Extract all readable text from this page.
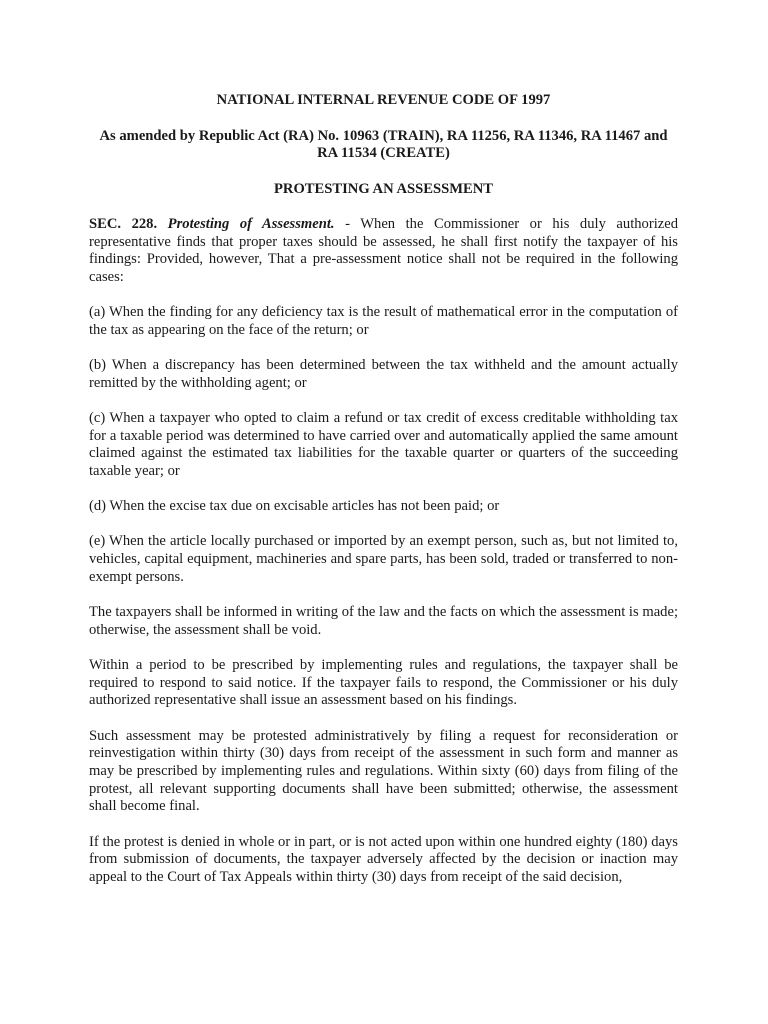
NATIONAL INTERNAL REVENUE CODE OF 1997

As amended by Republic Act (RA) No. 10963 (TRAIN), RA 11256, RA 11346, RA 11467 and RA 11534 (CREATE)

PROTESTING AN ASSESSMENT

SEC. 228. Protesting of Assessment. - When the Commissioner or his duly authorized representative finds that proper taxes should be assessed, he shall first notify the taxpayer of his findings: Provided, however, That a pre-assessment notice shall not be required in the following cases:

(a) When the finding for any deficiency tax is the result of mathematical error in the computation of the tax as appearing on the face of the return; or

(b) When a discrepancy has been determined between the tax withheld and the amount actually remitted by the withholding agent; or

(c) When a taxpayer who opted to claim a refund or tax credit of excess creditable withholding tax for a taxable period was determined to have carried over and automatically applied the same amount claimed against the estimated tax liabilities for the taxable quarter or quarters of the succeeding taxable year; or

(d) When the excise tax due on excisable articles has not been paid; or

(e) When the article locally purchased or imported by an exempt person, such as, but not limited to, vehicles, capital equipment, machineries and spare parts, has been sold, traded or transferred to non-exempt persons.

The taxpayers shall be informed in writing of the law and the facts on which the assessment is made; otherwise, the assessment shall be void.

Within a period to be prescribed by implementing rules and regulations, the taxpayer shall be required to respond to said notice. If the taxpayer fails to respond, the Commissioner or his duly authorized representative shall issue an assessment based on his findings.

Such assessment may be protested administratively by filing a request for reconsideration or reinvestigation within thirty (30) days from receipt of the assessment in such form and manner as may be prescribed by implementing rules and regulations. Within sixty (60) days from filing of the protest, all relevant supporting documents shall have been submitted; otherwise, the assessment shall become final.

If the protest is denied in whole or in part, or is not acted upon within one hundred eighty (180) days from submission of documents, the taxpayer adversely affected by the decision or inaction may appeal to the Court of Tax Appeals within thirty (30) days from receipt of the said decision,
